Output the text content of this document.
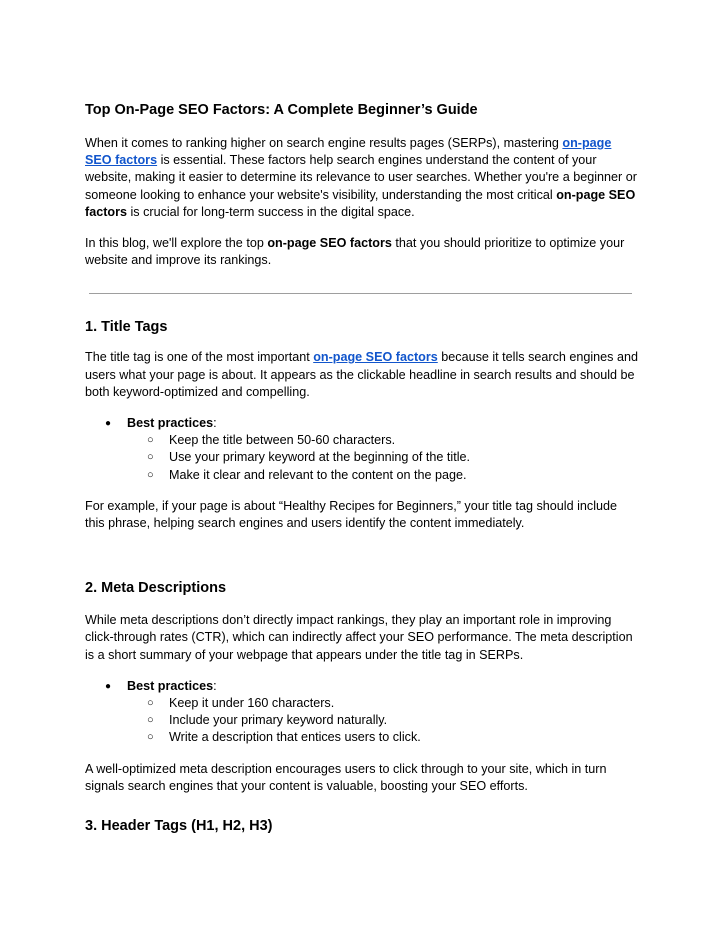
Top On-Page SEO Factors: A Complete Beginner’s Guide

When it comes to ranking higher on search engine results pages (SERPs), mastering on-page SEO factors is essential. These factors help search engines understand the content of your website, making it easier to determine its relevance to user searches. Whether you're a beginner or someone looking to enhance your website's visibility, understanding the most critical on-page SEO factors is crucial for long-term success in the digital space.

In this blog, we'll explore the top on-page SEO factors that you should prioritize to optimize your website and improve its rankings.

1. Title Tags

The title tag is one of the most important on-page SEO factors because it tells search engines and users what your page is about. It appears as the clickable headline in search results and should be both keyword-optimized and compelling.

● Best practices:
○ Keep the title between 50-60 characters.
○ Use your primary keyword at the beginning of the title.
○ Make it clear and relevant to the content on the page.

For example, if your page is about “Healthy Recipes for Beginners,” your title tag should include this phrase, helping search engines and users identify the content immediately.

2. Meta Descriptions

While meta descriptions don’t directly impact rankings, they play an important role in improving click-through rates (CTR), which can indirectly affect your SEO performance. The meta description is a short summary of your webpage that appears under the title tag in SERPs.

● Best practices:
○ Keep it under 160 characters.
○ Include your primary keyword naturally.
○ Write a description that entices users to click.

A well-optimized meta description encourages users to click through to your site, which in turn signals search engines that your content is valuable, boosting your SEO efforts.

3. Header Tags (H1, H2, H3)
